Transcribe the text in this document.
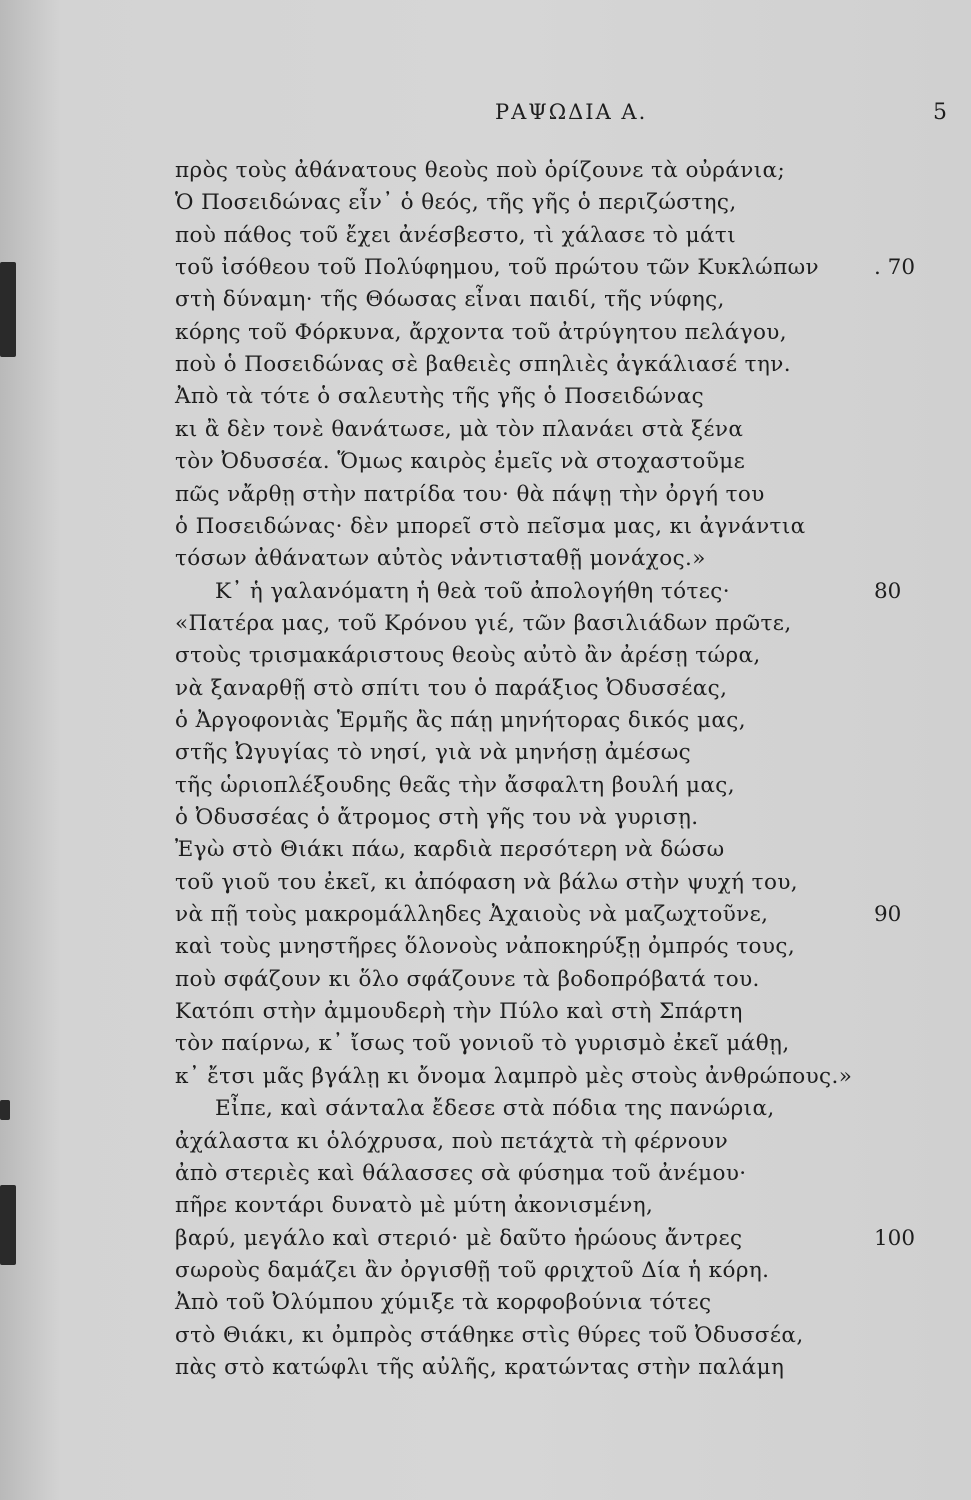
ΡΑΨΩΔΙΑ Α.	5
πρὸς τοὺς ἀθάνατους θεοὺς ποὺ ὁρίζουνε τὰ οὐράνια;
Ὁ Ποσειδώνας εἶν᾽ ὁ θεός, τῆς γῆς ὁ περιζώστης,
ποὺ πάθος τοῦ ἔχει ἀνέσβεστο, τὶ χάλασε τὸ μάτι
τοῦ ἰσόθεου τοῦ Πολύφημου, τοῦ πρώτου τῶν Κυκλώπων	. 70
στὴ δύναμη· τῆς Θόωσας εἶναι παιδί, τῆς νύφης,
κόρης τοῦ Φόρκυνα, ἄρχοντα τοῦ ἀτρύγητου πελάγου,
ποὺ ὁ Ποσειδώνας σὲ βαθειὲς σπηλιὲς ἀγκάλιασέ την.
Ἀπὸ τὰ τότε ὁ σαλευτὴς τῆς γῆς ὁ Ποσειδώνας
κι ἂ δὲν τονὲ θανάτωσε, μὰ τὸν πλανάει στὰ ξένα
τὸν Ὀδυσσέα. Ὅμως καιρὸς ἐμεῖς νὰ στοχαστοῦμε
πῶς νἄρθῃ στὴν πατρίδα του· θὰ πάψῃ τὴν ὀργή του
ὁ Ποσειδώνας· δὲν μπορεῖ στὸ πεῖσμα μας, κι ἀγνάντια
τόσων ἀθάνατων αὐτὸς νἀντισταθῇ μονάχος.»
Κ᾽ ἡ γαλανόματη ἡ θεὰ τοῦ ἀπολογήθη τότες·	80
«Πατέρα μας, τοῦ Κρόνου γιέ, τῶν βασιλιάδων πρῶτε,
στοὺς τρισμακάριστους θεοὺς αὐτὸ ἂν ἀρέσῃ τώρα,
νὰ ξαναρθῇ στὸ σπίτι του ὁ παράξιος Ὀδυσσέας,
ὁ Ἀργοφονιὰς Ἑρμῆς ἂς πάῃ μηνήτορας δικός μας,
στῆς Ὠγυγίας τὸ νησί, γιὰ νὰ μηνήσῃ ἀμέσως
τῆς ὡριοπλέξουδης θεᾶς τὴν ἄσφαλτη βουλή μας,
ὁ Ὀδυσσέας ὁ ἄτρομος στὴ γῆς του νὰ γυρισῃ.
Ἐγὼ στὸ Θιάκι πάω, καρδιὰ περσότερη νὰ δώσω
τοῦ γιοῦ του ἐκεῖ, κι ἀπόφαση νὰ βάλω στὴν ψυχή του,
νὰ πῇ τοὺς μακρομάλληδες Ἀχαιοὺς νὰ μαζωχτοῦνε,	90
καὶ τοὺς μνηστῆρες ὅλονοὺς νἀποκηρύξῃ ὀμπρός τους,
ποὺ σφάζουν κι ὅλο σφάζουνε τὰ βοδοπρόβατά του.
Κατόπι στὴν ἀμμουδερὴ τὴν Πύλο καὶ στὴ Σπάρτη
τὸν παίρνω, κ᾽ ἴσως τοῦ γονιοῦ τὸ γυρισμὸ ἐκεῖ μάθῃ,
κ᾽ ἔτσι μᾶς βγάλῃ κι ὄνομα λαμπρὸ μὲς στοὺς ἀνθρώπους.»
Εἶπε, καὶ σάνταλα ἔδεσε στὰ πόδια της πανώρια,
ἀχάλαστα κι ὁλόχρυσα, ποὺ πετάχτὰ τὴ φέρνουν
ἀπὸ στεριὲς καὶ θάλασσες σὰ φύσημα τοῦ ἀνέμου·
πῆρε κοντάρι δυνατὸ μὲ μύτη ἀκονισμένη,
βαρύ, μεγάλο καὶ στεριό· μὲ δαῦτο ἡρώους ἄντρες	100
σωροὺς δαμάζει ἂν ὀργισθῇ τοῦ φριχτοῦ Δία ἡ κόρη.
Ἀπὸ τοῦ Ὀλύμπου χύμιξε τὰ κορφοβούνια τότες
στὸ Θιάκι, κι ὀμπρὸς στάθηκε στὶς θύρες τοῦ Ὀδυσσέα,
πὰς στὸ κατώφλι τῆς αὐλῆς, κρατώντας στὴν παλάμη
